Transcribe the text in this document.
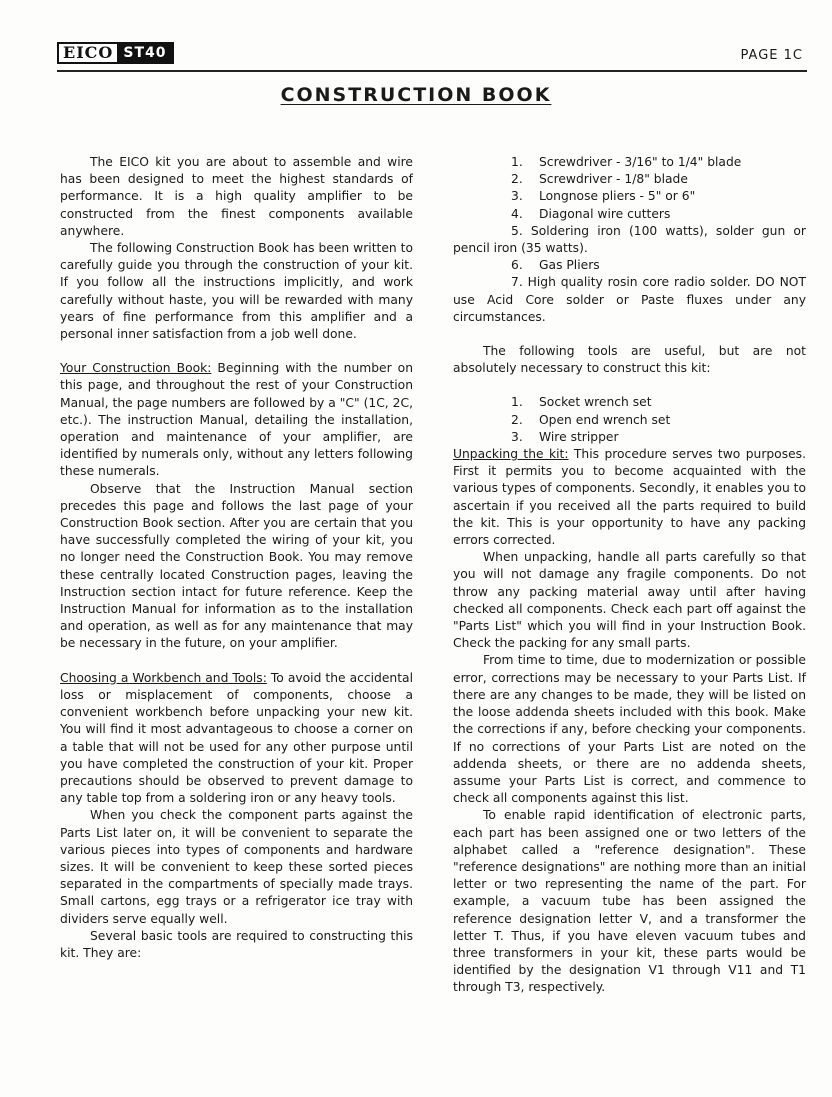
EICO ST40	PAGE 1C
CONSTRUCTION BOOK

The EICO kit you are about to assemble and wire has been designed to meet the highest standards of performance. It is a high quality amplifier to be constructed from the finest components available anywhere.

The following Construction Book has been written to carefully guide you through the construction of your kit. If you follow all the instructions implicitly, and work carefully without haste, you will be rewarded with many years of fine performance from this amplifier and a personal inner satisfaction from a job well done.

Your Construction Book: Beginning with the number on this page, and throughout the rest of your Construction Manual, the page numbers are followed by a "C" (1C, 2C, etc.). The instruction Manual, detailing the installation, operation and maintenance of your amplifier, are identified by numerals only, without any letters following these numerals.

Observe that the Instruction Manual section precedes this page and follows the last page of your Construction Book section. After you are certain that you have successfully completed the wiring of your kit, you no longer need the Construction Book. You may remove these centrally located Construction pages, leaving the Instruction section intact for future reference. Keep the Instruction Manual for information as to the installation and operation, as well as for any maintenance that may be necessary in the future, on your amplifier.

Choosing a Workbench and Tools: To avoid the accidental loss or misplacement of components, choose a convenient workbench before unpacking your new kit. You will find it most advantageous to choose a corner on a table that will not be used for any other purpose until you have completed the construction of your kit. Proper precautions should be observed to prevent damage to any table top from a soldering iron or any heavy tools.

When you check the component parts against the Parts List later on, it will be convenient to separate the various pieces into types of components and hardware sizes. It will be convenient to keep these sorted pieces separated in the compartments of specially made trays. Small cartons, egg trays or a refrigerator ice tray with dividers serve equally well.

Several basic tools are required to constructing this kit. They are:

1. Screwdriver - 3/16" to 1/4" blade
2. Screwdriver - 1/8" blade
3. Longnose pliers - 5" or 6"
4. Diagonal wire cutters

5. Soldering iron (100 watts), solder gun or pencil iron (35 watts).

6. Gas Pliers

7. High quality rosin core radio solder. DO NOT use Acid Core solder or Paste fluxes under any circumstances.

The following tools are useful, but are not absolutely necessary to construct this kit:

1. Socket wrench set
2. Open end wrench set
3. Wire stripper

Unpacking the kit: This procedure serves two purposes. First it permits you to become acquainted with the various types of components. Secondly, it enables you to ascertain if you received all the parts required to build the kit. This is your opportunity to have any packing errors corrected.

When unpacking, handle all parts carefully so that you will not damage any fragile components. Do not throw any packing material away until after having checked all components. Check each part off against the "Parts List" which you will find in your Instruction Book. Check the packing for any small parts.

From time to time, due to modernization or possible error, corrections may be necessary to your Parts List. If there are any changes to be made, they will be listed on the loose addenda sheets included with this book. Make the corrections if any, before checking your components. If no corrections of your Parts List are noted on the addenda sheets, or there are no addenda sheets, assume your Parts List is correct, and commence to check all components against this list.

To enable rapid identification of electronic parts, each part has been assigned one or two letters of the alphabet called a "reference designation". These "reference designations" are nothing more than an initial letter or two representing the name of the part. For example, a vacuum tube has been assigned the reference designation letter V, and a transformer the letter T. Thus, if you have eleven vacuum tubes and three transformers in your kit, these parts would be identified by the designation V1 through V11 and T1 through T3, respectively.
